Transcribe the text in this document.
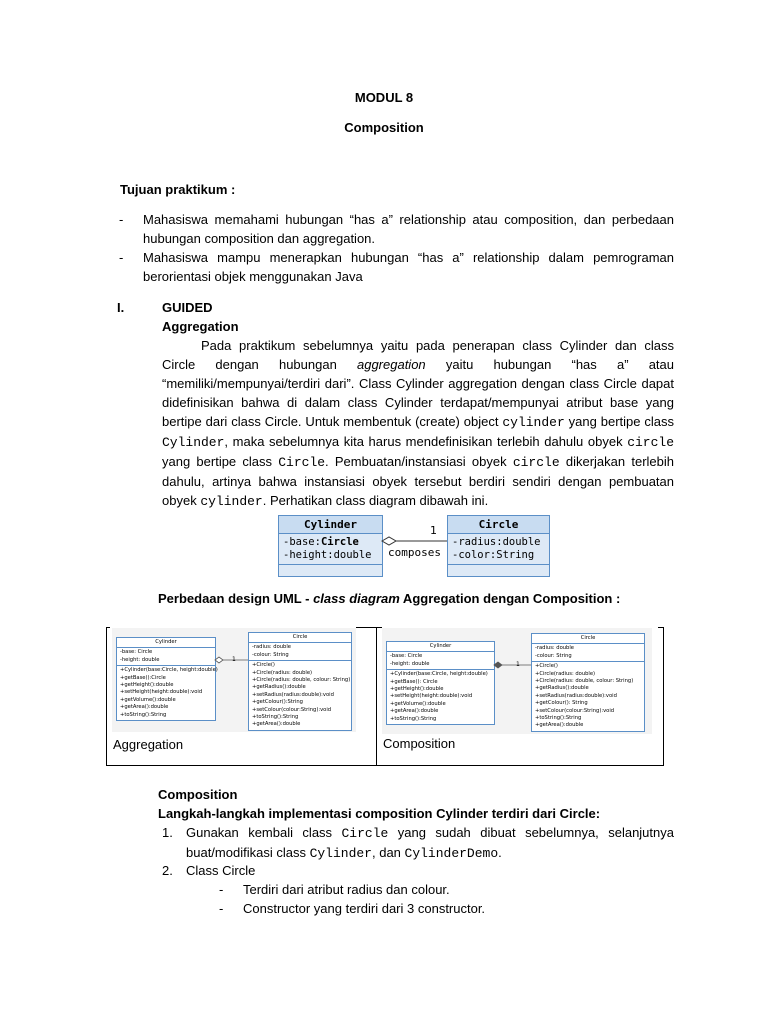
MODUL 8
Composition
Tujuan praktikum :
- Mahasiswa memahami hubungan “has a” relationship atau composition, dan perbedaan hubungan composition dan aggregation.
- Mahasiswa mampu menerapkan hubungan “has a” relationship dalam pemrograman berorientasi objek menggunakan Java
I.	GUIDED
Aggregation
Pada praktikum sebelumnya yaitu pada penerapan class Cylinder dan class Circle dengan hubungan aggregation yaitu hubungan “has a” atau “memiliki/mempunyai/terdiri dari”. Class Cylinder aggregation dengan class Circle dapat didefinisikan bahwa di dalam class Cylinder terdapat/mempunyai atribut base yang bertipe dari class Circle. Untuk membentuk (create) object cylinder yang bertipe class Cylinder, maka sebelumnya kita harus mendefinisikan terlebih dahulu obyek circle yang bertipe class Circle. Pembuatan/instansiasi obyek circle dikerjakan terlebih dahulu, artinya bahwa instansiasi obyek tersebut berdiri sendiri dengan pembuatan obyek cylinder. Perhatikan class diagram dibawah ini.
Cylinder
-base:Circle
-height:double
1
composes
Circle
-radius:double
-color:String
Perbedaan design UML - class diagram Aggregation dengan Composition :
Cylinder
-base: Circle
-height: double
+Cylinder(base:Circle, height:double)
+getBase():Circle
+getHeight():double
+setHeight(height:double):void
+getVolume():double
+getArea():double
+toString():String
1
Circle
-radius: double
-colour: String
+Circle()
+Circle(radius: double)
+Circle(radius: double, colour: String)
+getRadius():double
+setRadius(radius:double):void
+getColour():String
+setColour(colour:String):void
+toString():String
+getArea():double
Aggregation
Cylinder
-base: Circle
-height: double
+Cylinder(base:Circle, height:double)
+getBase(): Circle
+getHeight():double
+setHeight(height:double):void
+getVolume():double
+getArea():double
+toString():String
1
Circle
-radius: double
-colour: String
+Circle()
+Circle(radius: double)
+Circle(radius: double, colour: String)
+getRadius():double
+setRadius(radius:double):void
+getColour(): String
+setColour(colour:String):void
+toString():String
+getArea():double
Composition
Composition
Langkah-langkah implementasi composition Cylinder terdiri dari Circle:
1. Gunakan kembali class Circle yang sudah dibuat sebelumnya, selanjutnya buat/modifikasi class Cylinder, dan CylinderDemo.
2. Class Circle
- Terdiri dari atribut radius dan colour.
- Constructor yang terdiri dari 3 constructor.
